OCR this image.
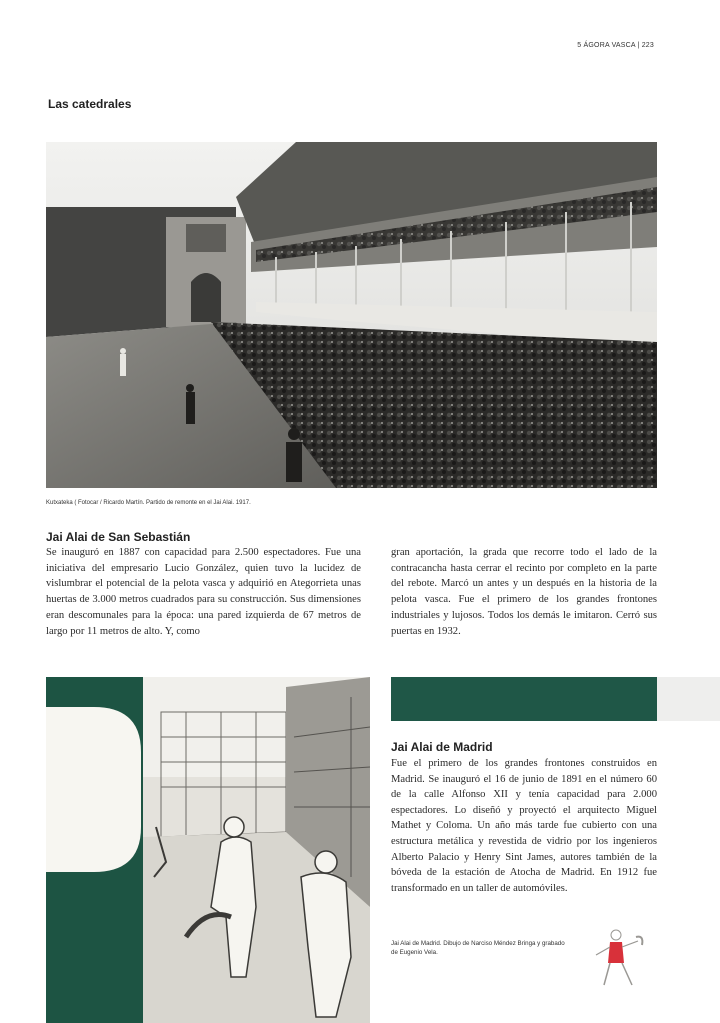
5 ÁGORA VASCA | 223
Las catedrales
Kutxateka ( Fotocar / Ricardo Martín. Partido de remonte en el Jai Alai. 1917.
Jai Alai de San Sebastián
Se inauguró en 1887 con capacidad para 2.500 espectadores. Fue una iniciativa del empresario Lucio González, quien tuvo la lucidez de vislumbrar el potencial de la pelota vasca y adquirió en Ategorrieta unas huertas de 3.000 metros cuadrados para su construcción. Sus dimensiones eran descomunales para la época: una pared izquierda de 67 metros de largo por 11 metros de alto. Y, como
gran aportación, la grada que recorre todo el lado de la contracancha hasta cerrar el recinto por completo en la parte del rebote. Marcó un antes y un después en la historia de la pelota vasca. Fue el primero de los grandes frontones industriales y lujosos. Todos los demás le imitaron. Cerró sus puertas en 1932.
Jai Alai de Madrid
Fue el primero de los grandes frontones construidos en Madrid. Se inauguró el 16 de junio de 1891 en el número 60 de la calle Alfonso XII y tenía capacidad para 2.000 espectadores. Lo diseñó y proyectó el arquitecto Miguel Mathet y Coloma. Un año más tarde fue cubierto con una estructura metálica y revestida de vidrio por los ingenieros Alberto Palacio y Henry Sint James, autores también de la bóveda de la estación de Atocha de Madrid. En 1912 fue transformado en un taller de automóviles.
Jai Alai de Madrid. Dibujo de Narciso Méndez Bringa y grabado de Eugenio Vela.
